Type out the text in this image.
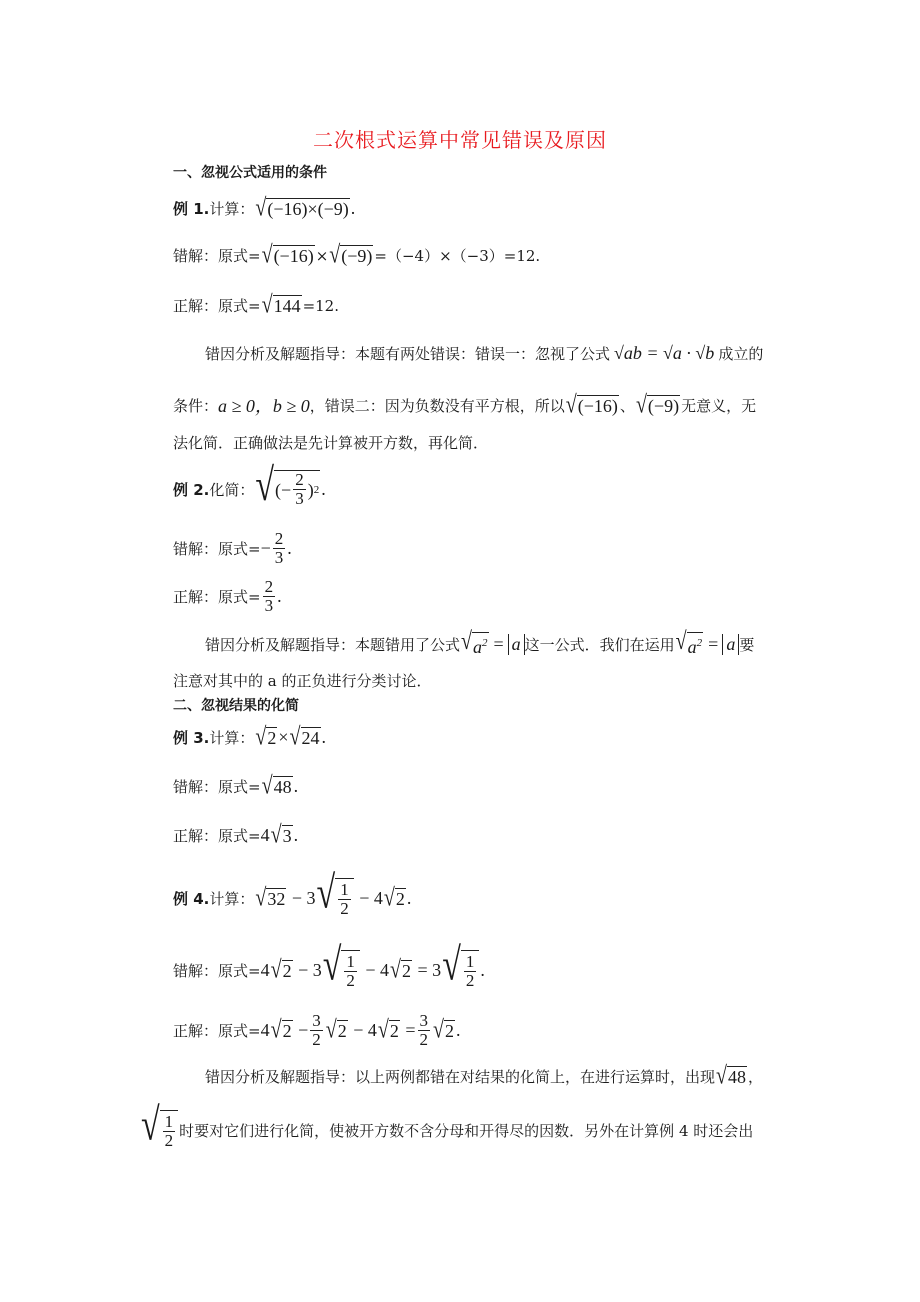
二次根式运算中常见错误及原因
一、忽视公式适用的条件
例 1. 计算： √ (−16)×(−9) .
错解：原式= √ (−16) × √ (−9) =（−4）×（−3）=12.
正解：原式= √ 144 =12.
错因分析及解题指导：本题有两处错误：错误一：忽视了公式 √ab = √a · √b 成立的
条件： a ≥ 0，b ≥ 0 ，错误二：因为负数没有平方根，所以 √ (−16) 、 √ (−9) 无意义，无
法化简．正确做法是先计算被开方数，再化简．
例 2. 化简： √ (− $\frac{2}{3}$ ) 2 .
错解：原式= − $\frac{2}{3}$ .
正解：原式= $\frac{2}{3}$ .
错因分析及解题指导：本题错用了公式 √ $a^2 = a$ 这一公式．我们在运用 √ $a^2 = a$ 要
注意对其中的 a 的正负进行分类讨论．
二、忽视结果的化简
例 3. 计算： √ 2 × √ 24 .
错解：原式= √ 48 .
正解：原式= 4 √ 3 .
例 4. 计算： √ 32 − 3 √ $\frac{1}{2} - 4$ √ 2 .
错解：原式= 4 √ 2 − 3 √ $\frac{1}{2} - 4$ √ 2 = 3 √ $\frac{1}{2}$ .
正解：原式= 4 √ $2 - \frac{3}{2}$ √ 2 − 4 √ $2 = \frac{3}{2}$ √ 2 .
错因分析及解题指导：以上两例都错在对结果的化简上，在进行运算时，出现 √ 48 ，
√ $\frac{1}{2}$ 时要对它们进行化简，使被开方数不含分母和开得尽的因数．另外在计算例 4 时还会出
